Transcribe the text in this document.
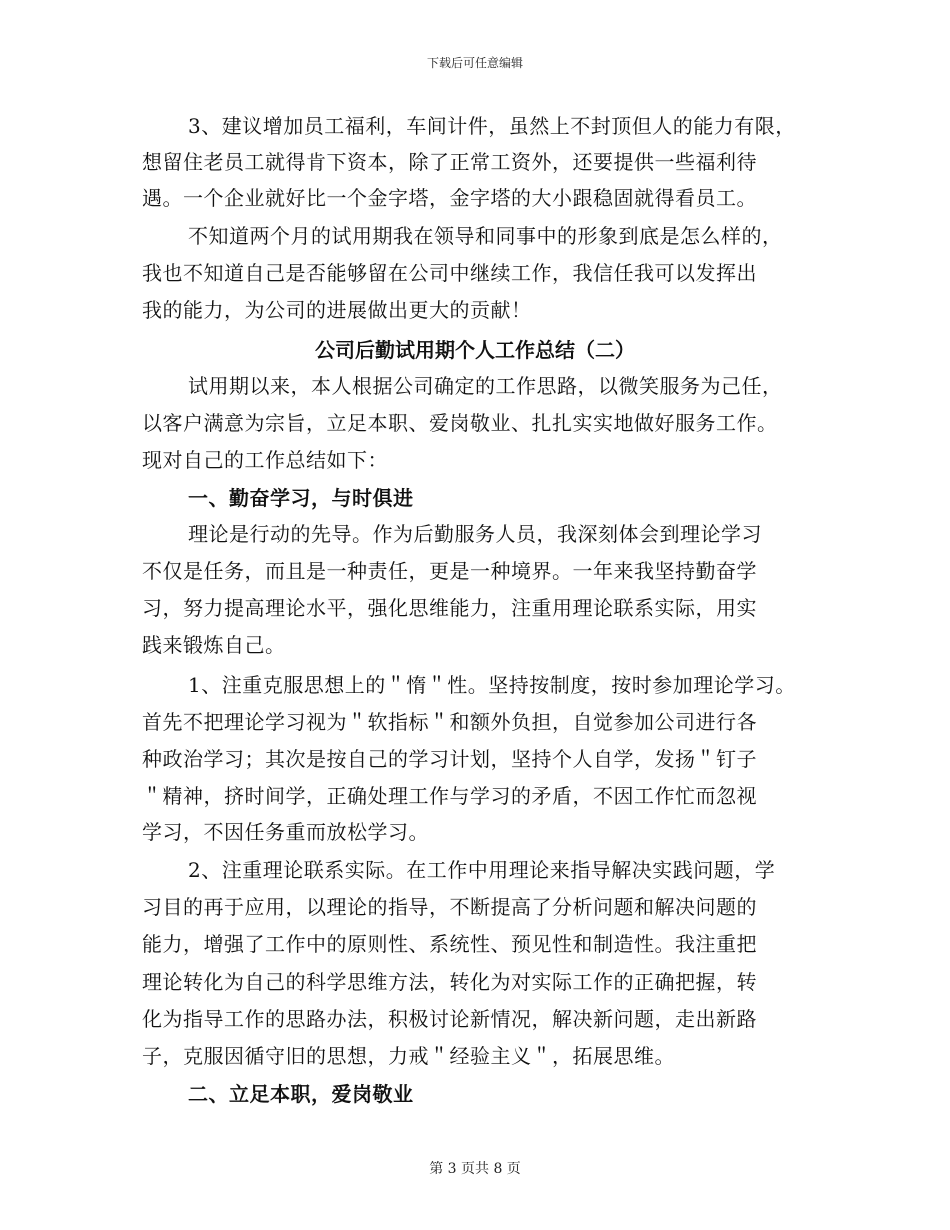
下载后可任意编辑
3、建议增加员工福利，车间计件，虽然上不封顶但人的能力有限，
想留住老员工就得肯下资本，除了正常工资外，还要提供一些福利待
遇。一个企业就好比一个金字塔，金字塔的大小跟稳固就得看员工。
不知道两个月的试用期我在领导和同事中的形象到底是怎么样的，
我也不知道自己是否能够留在公司中继续工作，我信任我可以发挥出
我的能力，为公司的进展做出更大的贡献！
公司后勤试用期个人工作总结（二）
试用期以来，本人根据公司确定的工作思路，以微笑服务为己任，
以客户满意为宗旨，立足本职、爱岗敬业、扎扎实实地做好服务工作。
现对自己的工作总结如下：
一、勤奋学习，与时俱进
理论是行动的先导。作为后勤服务人员，我深刻体会到理论学习
不仅是任务，而且是一种责任，更是一种境界。一年来我坚持勤奋学
习，努力提高理论水平，强化思维能力，注重用理论联系实际，用实
践来锻炼自己。
1、注重克服思想上的＂惰＂性。坚持按制度，按时参加理论学习。
首先不把理论学习视为＂软指标＂和额外负担，自觉参加公司进行各
种政治学习；其次是按自己的学习计划，坚持个人自学，发扬＂钉子
＂精神，挤时间学，正确处理工作与学习的矛盾，不因工作忙而忽视
学习，不因任务重而放松学习。
2、注重理论联系实际。在工作中用理论来指导解决实践问题，学
习目的再于应用，以理论的指导，不断提高了分析问题和解决问题的
能力，增强了工作中的原则性、系统性、预见性和制造性。我注重把
理论转化为自己的科学思维方法，转化为对实际工作的正确把握，转
化为指导工作的思路办法，积极讨论新情况，解决新问题，走出新路
子，克服因循守旧的思想，力戒＂经验主义＂，拓展思维。
二、立足本职，爱岗敬业
第 3 页共 8 页
